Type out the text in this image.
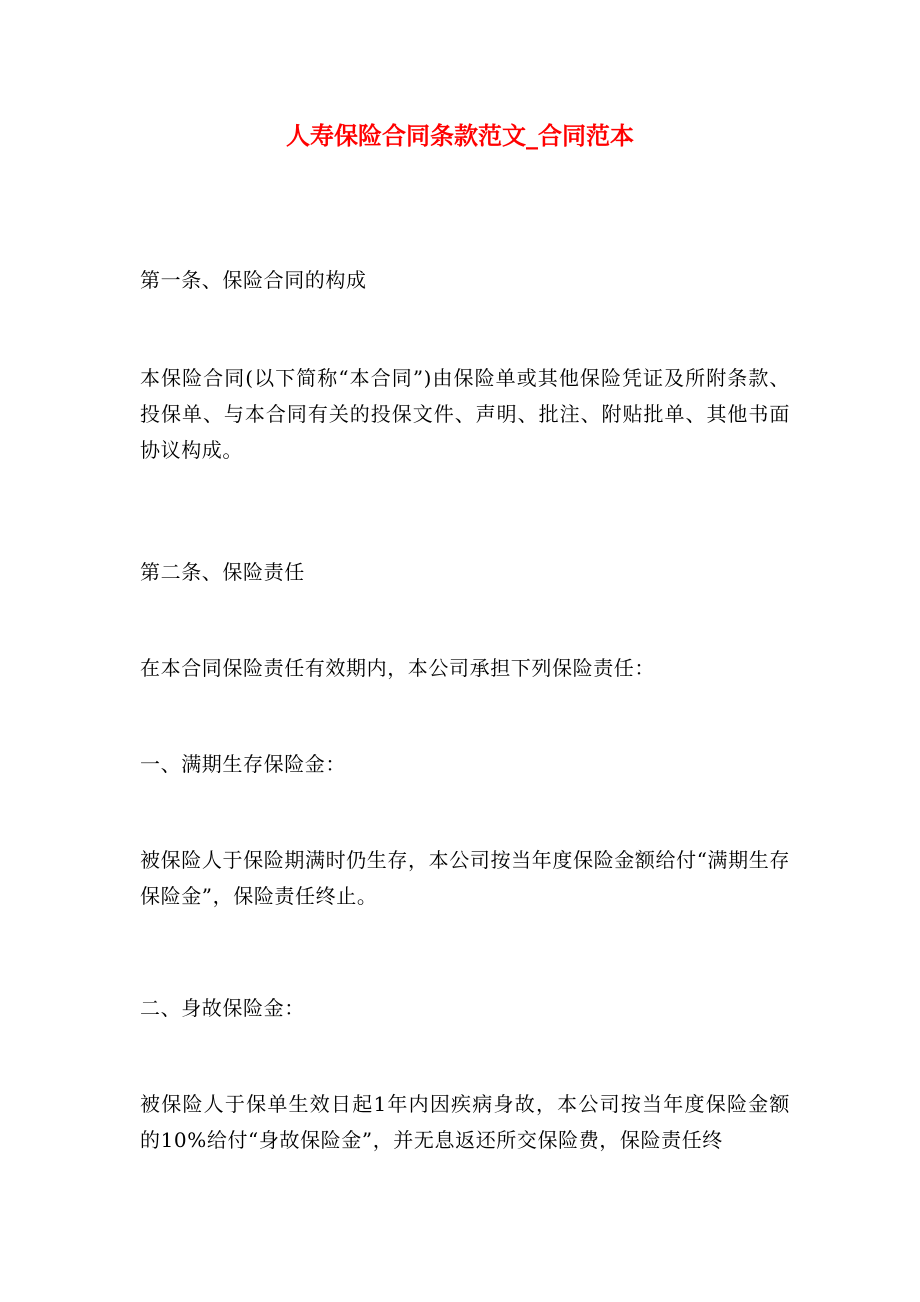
人寿保险合同条款范文_合同范本

第一条、保险合同的构成

本保险合同(以下简称“本合同”)由保险单或其他保险凭证及所附条款、投保单、与本合同有关的投保文件、声明、批注、附贴批单、其他书面协议构成。

第二条、保险责任

在本合同保险责任有效期内，本公司承担下列保险责任：

一、满期生存保险金：

被保险人于保险期满时仍生存，本公司按当年度保险金额给付“满期生存保险金”，保险责任终止。

二、身故保险金：

被保险人于保单生效日起1年内因疾病身故，本公司按当年度保险金额的10%给付“身故保险金”，并无息返还所交保险费，保险责任终
